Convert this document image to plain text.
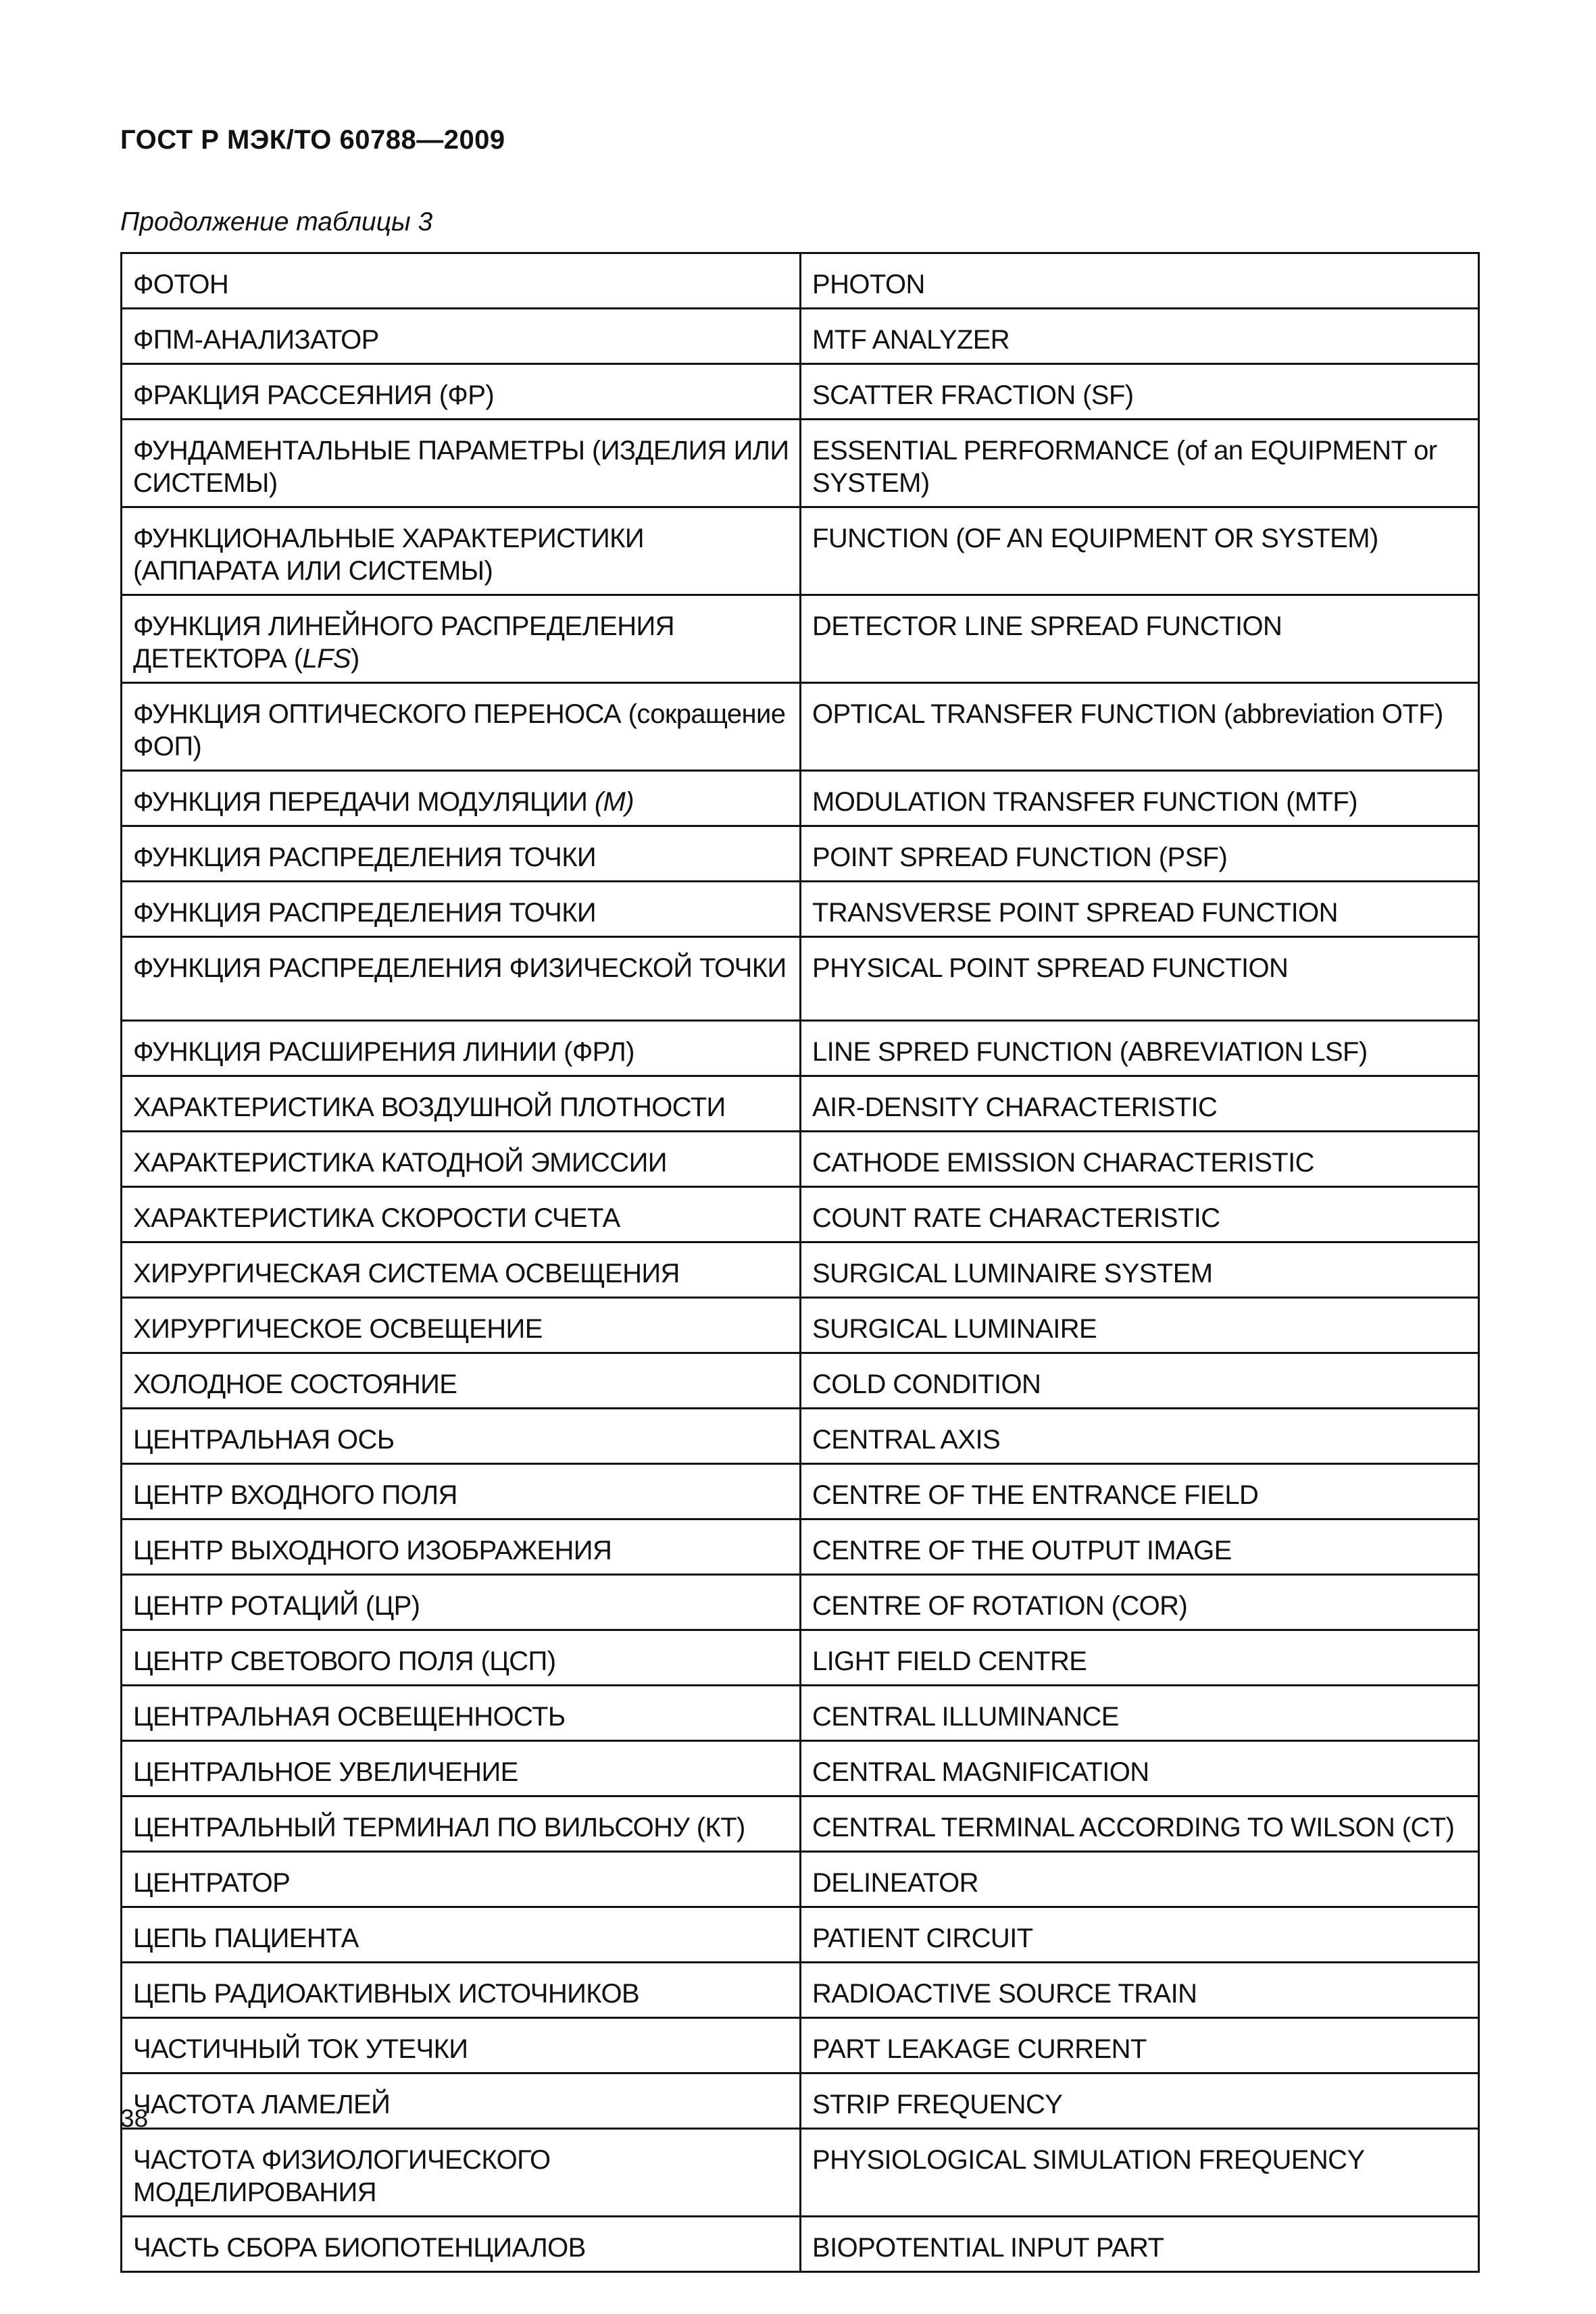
ГОСТ Р МЭК/ТО 60788—2009
Продолжение таблицы 3
ФОТОН	PHOTON
ФПМ-АНАЛИЗАТОР	MTF ANALYZER
ФРАКЦИЯ РАССЕЯНИЯ (ФР)	SCATTER FRACTION (SF)
ФУНДАМЕНТАЛЬНЫЕ ПАРАМЕТРЫ (ИЗДЕЛИЯ ИЛИ СИСТЕМЫ)	ESSENTIAL PERFORMANCE (of an EQUIPMENT or SYSTEM)
ФУНКЦИОНАЛЬНЫЕ ХАРАКТЕРИСТИКИ (АППАРАТА ИЛИ СИСТЕМЫ)	FUNCTION (OF AN EQUIPMENT OR SYSTEM)
ФУНКЦИЯ ЛИНЕЙНОГО РАСПРЕДЕЛЕНИЯ ДЕТЕКТОРА (LFS)	DETECTOR LINE SPREAD FUNCTION
ФУНКЦИЯ ОПТИЧЕСКОГО ПЕРЕНОСА (сокращение ФОП)	OPTICAL TRANSFER FUNCTION (abbreviation OTF)
ФУНКЦИЯ ПЕРЕДАЧИ МОДУЛЯЦИИ (M)	MODULATION TRANSFER FUNCTION (MTF)
ФУНКЦИЯ РАСПРЕДЕЛЕНИЯ ТОЧКИ	POINT SPREAD FUNCTION (PSF)
ФУНКЦИЯ РАСПРЕДЕЛЕНИЯ ТОЧКИ	TRANSVERSE POINT SPREAD FUNCTION
ФУНКЦИЯ РАСПРЕДЕЛЕНИЯ ФИЗИЧЕСКОЙ ТОЧКИ	PHYSICAL POINT SPREAD FUNCTION
ФУНКЦИЯ РАСШИРЕНИЯ ЛИНИИ (ФРЛ)	LINE SPRED FUNCTION (ABREVIATION LSF)
ХАРАКТЕРИСТИКА ВОЗДУШНОЙ ПЛОТНОСТИ	AIR-DENSITY CHARACTERISTIC
ХАРАКТЕРИСТИКА КАТОДНОЙ ЭМИССИИ	CATHODE EMISSION CHARACTERISTIC
ХАРАКТЕРИСТИКА СКОРОСТИ СЧЕТА	COUNT RATE CHARACTERISTIC
ХИРУРГИЧЕСКАЯ СИСТЕМА ОСВЕЩЕНИЯ	SURGICAL LUMINAIRE SYSTEM
ХИРУРГИЧЕСКОЕ ОСВЕЩЕНИЕ	SURGICAL LUMINAIRE
ХОЛОДНОЕ СОСТОЯНИЕ	COLD CONDITION
ЦЕНТРАЛЬНАЯ ОСЬ	CENTRAL AXIS
ЦЕНТР ВХОДНОГО ПОЛЯ	CENTRE OF THE ENTRANCE FIELD
ЦЕНТР ВЫХОДНОГО ИЗОБРАЖЕНИЯ	CENTRE OF THE OUTPUT IMAGE
ЦЕНТР РОТАЦИЙ (ЦР)	CENTRE OF ROTATION (COR)
ЦЕНТР СВЕТОВОГО ПОЛЯ (ЦСП)	LIGHT FIELD CENTRE
ЦЕНТРАЛЬНАЯ ОСВЕЩЕННОСТЬ	CENTRAL ILLUMINANCE
ЦЕНТРАЛЬНОЕ УВЕЛИЧЕНИЕ	CENTRAL MAGNIFICATION
ЦЕНТРАЛЬНЫЙ ТЕРМИНАЛ ПО ВИЛЬСОНУ (КТ)	CENTRAL TERMINAL ACCORDING TO WILSON (CT)
ЦЕНТРАТОР	DELINEATOR
ЦЕПЬ ПАЦИЕНТА	PATIENT CIRCUIT
ЦЕПЬ РАДИОАКТИВНЫХ ИСТОЧНИКОВ	RADIOACTIVE SOURCE TRAIN
ЧАСТИЧНЫЙ ТОК УТЕЧКИ	PART LEAKAGE CURRENT
ЧАСТОТА ЛАМЕЛЕЙ	STRIP FREQUENCY
ЧАСТОТА ФИЗИОЛОГИЧЕСКОГО МОДЕЛИРОВАНИЯ	PHYSIOLOGICAL SIMULATION FREQUENCY
ЧАСТЬ СБОРА БИОПОТЕНЦИАЛОВ	BIOPOTENTIAL INPUT PART
38
